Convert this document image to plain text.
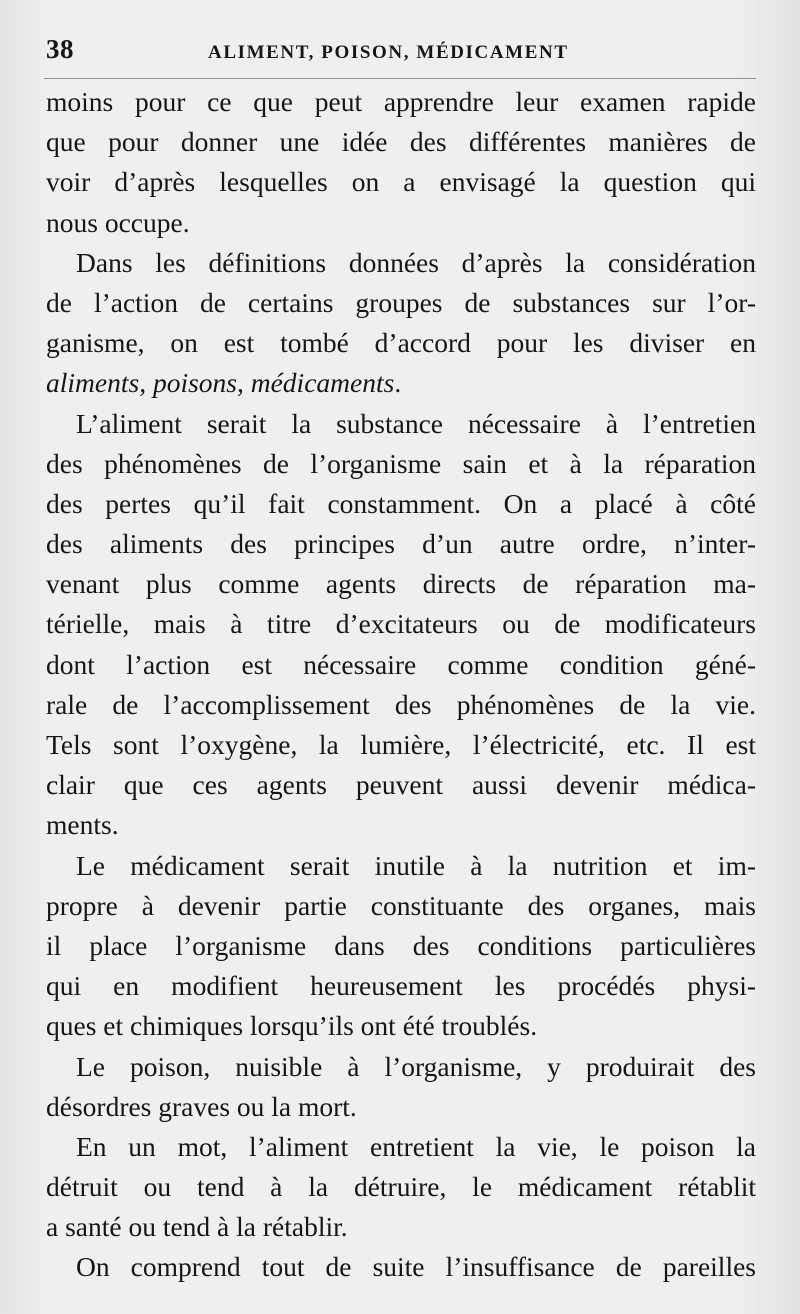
38	ALIMENT, POISON, MÉDICAMENT

moins pour ce que peut apprendre leur examen rapide
que pour donner une idée des différentes manières de
voir d’après lesquelles on a envisagé la question qui
nous occupe.

Dans les définitions données d’après la considération
de l’action de certains groupes de substances sur l’or-
ganisme, on est tombé d’accord pour les diviser en
aliments, poisons, médicaments.

L’aliment serait la substance nécessaire à l’entretien
des phénomènes de l’organisme sain et à la réparation
des pertes qu’il fait constamment. On a placé à côté
des aliments des principes d’un autre ordre, n’inter-
venant plus comme agents directs de réparation ma-
térielle, mais à titre d’excitateurs ou de modificateurs
dont l’action est nécessaire comme condition géné-
rale de l’accomplissement des phénomènes de la vie.
Tels sont l’oxygène, la lumière, l’électricité, etc. Il est
clair que ces agents peuvent aussi devenir médica-
ments.

Le médicament serait inutile à la nutrition et im-
propre à devenir partie constituante des organes, mais
il place l’organisme dans des conditions particulières
qui en modifient heureusement les procédés physi-
ques et chimiques lorsqu’ils ont été troublés.

Le poison, nuisible à l’organisme, y produirait des
désordres graves ou la mort.

En un mot, l’aliment entretient la vie, le poison la
détruit ou tend à la détruire, le médicament rétablit
a santé ou tend à la rétablir.

On comprend tout de suite l’insuffisance de pareilles
